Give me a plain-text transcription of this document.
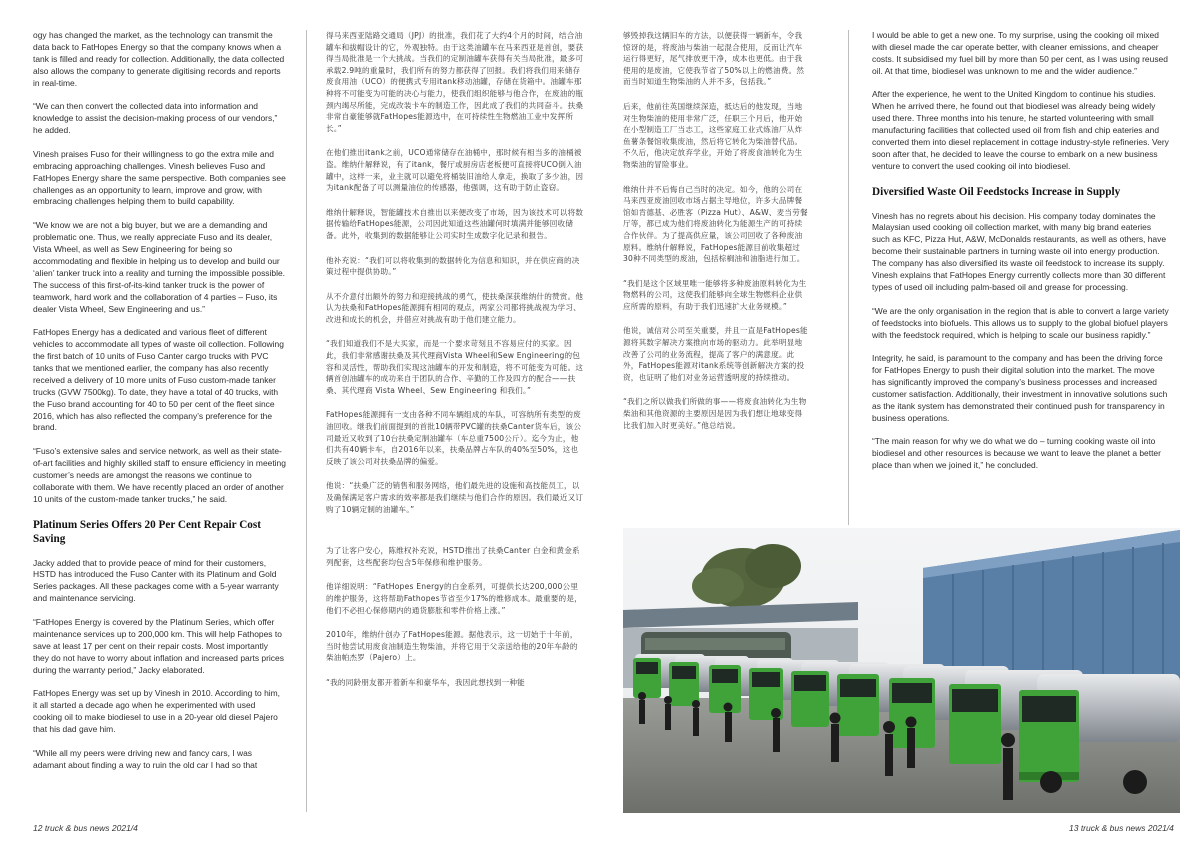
ogy has changed the market, as the technology can transmit the data back to FatHopes Energy so that the company knows when a tank is filled and ready for collection. Additionally, the data collected also allows the company to generate digitising records and reports in real-time.

“We can then convert the collected data into information and knowledge to assist the decision-making process of our vendors,” he added.

Vinesh praises Fuso for their willingness to go the extra mile and embracing approaching challenges. Vinesh believes Fuso and FatHopes Energy share the same perspective. Both companies see challenges as an opportunity to learn, improve and grow, with embracing challenges helping them to build capability.

“We know we are not a big buyer, but we are a demanding and problematic one. Thus, we really appreciate Fuso and its dealer, Vista Wheel, as well as Sew Engineering for being so accommodating and flexible in helping us to develop and build our ‘alien’ tanker truck into a reality and turning the impossible possible. The success of this first-of-its-kind tanker truck is the power of teamwork, hard work and the collaboration of 4 parties – Fuso, its dealer Vista Wheel, Sew Engineering and us.”

FatHopes Energy has a dedicated and various fleet of different vehicles to accommodate all types of waste oil collection. Following the first batch of 10 units of Fuso Canter cargo trucks with PVC tanks that we mentioned earlier, the company has also recently received a delivery of 10 more units of Fuso custom-made tanker trucks (GVW 7500kg). To date, they have a total of 40 trucks, with the Fuso brand accounting for 40 to 50 per cent of the fleet since 2016, which has also reflected the company’s preference for the brand.

“Fuso’s extensive sales and service network, as well as their state-of-art facilities and highly skilled staff to ensure efficiency in meeting customer’s needs are amongst the reasons we continue to collaborate with them. We have recently placed an order of another 10 units of the custom-made tanker trucks,” he said.

Platinum Series Offers 20 Per Cent Repair Cost Saving

Jacky added that to provide peace of mind for their customers, HSTD has introduced the Fuso Canter with its Platinum and Gold Series packages. All these packages come with a 5-year warranty and maintenance servicing.

“FatHopes Energy is covered by the Platinum Series, which offer maintenance services up to 200,000 km. This will help Fathopes to save at least 17 per cent on their repair costs. Most importantly they do not have to worry about inflation and increased parts prices during the warranty period,” Jacky elaborated.

FatHopes Energy was set up by Vinesh in 2010. According to him, it all started a decade ago when he experimented with used cooking oil to make biodiesel to use in a 20-year old diesel Pajero that his dad gave him.

“While all my peers were driving new and fancy cars, I was adamant about finding a way to ruin the old car I had so that

得马来西亚陆路交通局（JPJ）的批准，我们花了大约4个月的时间，结合油罐车和拔帽设计的它，外观独特。由于这类油罐车在马来西亚是首创，要获得当局批准是一个大挑战。当我们的定制油罐车获得有关当局批准，最多可承载2.9吨的重量时，我们所有的努力都获得了回报。我们将我们用来储存废食用油（UCO）的便携式专用itank移动油罐，存储在货箱中。油罐车那种将不可能变为可能的决心与能力，使我们组织能够与他合作，在废油的瓶颈内竭尽所能，完成改装卡车的制造工作，因此成了我们的共同奋斗。扶桑非常自豪能够就FatHopes能源选中，在可持续性生物燃油工业中发挥所长。”

在他们推出itank之前，UCO通常储存在油桶中，那时候有相当多的油桶被盗。维纳什解释说，有了itank，餐厅或厨房店老板便可直接将UCO倒入油罐中，这样一来，业主就可以避免将桶装旧油给人拿走，换取了多少油，因为itank配备了可以测量油位的传感器，他强调，这有助于防止盗窃。

维纳什解释说，智能罐技术自推出以来便改变了市场，因为该技术可以将数据传输给FatHopes能源，公司因此知道这些油罐何时填满并能够回收储备。此外，收集到的数据能够让公司实时生成数字化记录和报告。

他补充说：“我们可以将收集到的数据转化为信息和知识，并在供应商的决策过程中提供协助。”

从不介意付出额外的努力和迎接挑战的勇气，使扶桑深获维纳什的赞赏。他认为扶桑和FatHopes能源拥有相同的观点，两家公司都将挑战视为学习、改进和成长的机会，并借应对挑战有助于他们建立能力。

“我们知道我们不是大买家，而是一个要求苛刻且不容易应付的买家。因此，我们非常感谢扶桑及其代理商Vista Wheel和Sew Engineering的包容和灵活性，帮助我们实现这油罐车的开发和制造，将不可能变为可能。这辆首创油罐车的成功来自于团队的合作、辛勤的工作及四方的配合——扶桑、其代理商 Vista Wheel、Sew Engineering 和我们。”

FatHopes能源拥有一支由各种不同车辆组成的车队，可容纳所有类型的废油回收。继我们前面提到的首批10辆带PVC罐的扶桑Canter货车后，该公司最近又收到了10台扶桑定制油罐车（车总重7500公斤）。迄今为止，他们共有40辆卡车，自2016年以来，扶桑品牌占车队的40%至50%，这也反映了该公司对扶桑品牌的偏爱。

他说：“扶桑广泛的销售和服务网络，他们最先进的设施和高技能员工，以及确保满足客户需求的效率都是我们继续与他们合作的原因。我们最近又订购了10辆定制的油罐车。”

为了让客户安心，陈维权补充说，HSTD推出了扶桑Canter 白金和黄金系列配套，这些配套均包含5年保修和维护服务。

他详细说明：“FatHopes Energy的白金系列，可提供长达200,000公里的维护服务，这将帮助Fathopes节省至少17%的维修成本。最重要的是，他们不必担心保修期内的通货膨胀和零件价格上涨。”

2010年，维纳什创办了FatHopes能源。据他表示，这一切始于十年前，当时他尝试用废食油制造生物柴油，并将它用于父亲送给他的20年车龄的柴油帕杰罗（Pajero）上。

“我的同龄朋友都开着新车和豪华车，我因此想找到一种能

够毁掉我这辆旧车的方法，以便获得一辆新车，令我惊讶的是，将废油与柴油一起混合使用，反而让汽车运行得更好，尾气排放更干净，成本也更低。由于我使用的是废油，它使我节省了50%以上的燃油费。然而当时知道生物柴油的人并不多，包括我。”

后来，他前往英国继续深造，抵达后的他发现，当地对生物柴油的使用非常广泛，任职三个月后，他开始在小型制造工厂当志工，这些家庭工业式炼油厂从炸鱼薯条餐馆收集废油，然后将它转化为柴油替代品。不久后，他决定放弃学业，开始了将废食油转化为生物柴油的冒险事业。

维纳什并不后悔自己当时的决定。如今，他的公司在马来西亚废油回收市场占据主导地位，许多大品牌餐馆如肯德基、必胜客（Pizza Hut）、A&W、麦当劳餐厅等，都已成为他们将废油转化为能源生产的可持续合作伙伴。为了提高供应量，该公司回收了各种废油原料。维纳什解释说，FatHopes能源目前收集超过30种不同类型的废油，包括棕榈油和油脂进行加工。

“我们是这个区域里唯一能够将多种废油原料转化为生物燃料的公司，这使我们能够向全球生物燃料企业供应所需的原料，有助于我们迅速扩大业务规模。”

他说，诚信对公司至关重要，并且一直是FatHopes能源将其数字解决方案推向市场的驱动力。此举明显地改善了公司的业务流程，提高了客户的满意度。此外，FatHopes能源对itank系统等创新解决方案的投资，也证明了他们对业务运营透明度的持续推动。

“我们之所以做我们所做的事——将废食油转化为生物柴油和其他资源的主要原因是因为我们想让地球变得比我们加入时更美好。”他总结说。

I would be able to get a new one. To my surprise, using the cooking oil mixed with diesel made the car operate better, with cleaner emissions, and cheaper costs. It subsidised my fuel bill by more than 50 per cent, as I was using reused oil. At that time, biodiesel was unknown to me and the wider audience.”

After the experience, he went to the United Kingdom to continue his studies. When he arrived there, he found out that biodiesel was already being widely used there. Three months into his tenure, he started volunteering with small manufacturing facilities that collected used oil from fish and chip eateries and converted them into diesel replacement in cottage industry-style refineries. Very soon after that, he decided to leave the course to embark on a new business venture to convert the used cooking oil into biodiesel.

Diversified Waste Oil Feedstocks Increase in Supply

Vinesh has no regrets about his decision. His company today dominates the Malaysian used cooking oil collection market, with many big brand eateries such as KFC, Pizza Hut, A&W, McDonalds restaurants, as well as others, have become their sustainable partners in turning waste oil into energy production. The company has also diversified its waste oil feedstock to increase its supply. Vinesh explains that FatHopes Energy currently collects more than 30 different types of used oil including palm-based oil and grease for processing.

“We are the only organisation in the region that is able to convert a large variety of feedstocks into biofuels. This allows us to supply to the global biofuel players with the feedstock required, which is helping to scale our business rapidly.”

Integrity, he said, is paramount to the company and has been the driving force for FatHopes Energy to push their digital solution into the market. The move has significantly improved the company’s business processes and increased customer satisfaction. Additionally, their investment in innovative solutions such as the itank system has demonstrated their continued push for transparency in business operations.

“The main reason for why we do what we do – turning cooking waste oil into biodiesel and other resources is because we want to leave the planet a better place than when we joined it,” he concluded.

12 truck & bus news 2021/4	13 truck & bus news 2021/4
